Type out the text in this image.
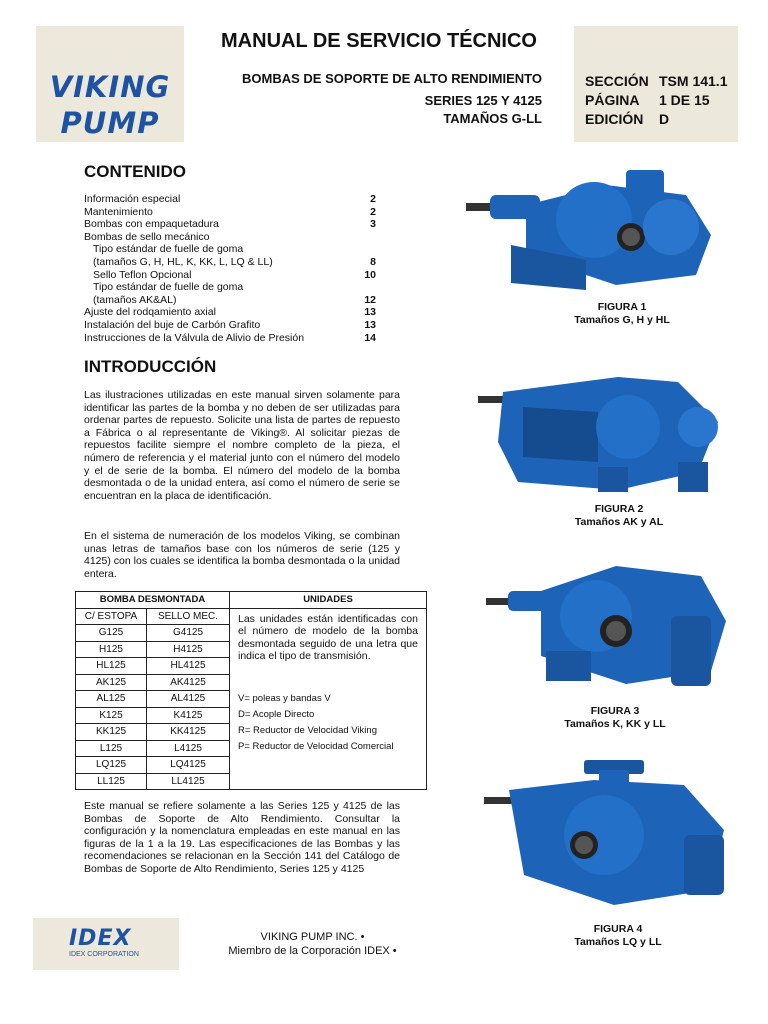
VIKING
PUMP
MANUAL DE SERVICIO TÉCNICO
BOMBAS DE SOPORTE DE ALTO RENDIMIENTO
SERIES 125 Y 4125
TAMAÑOS G-LL
SECCIÓN TSM 141.1
PÁGINA 1 DE 15
EDICIÓN D
CONTENIDO
Información especial	2
Mantenimiento	2
Bombas con empaquetadura	3
Bombas de sello mecánico
Tipo estándar de fuelle de goma
(tamaños G, H, HL, K, KK, L, LQ & LL)	8
Sello Teflon Opcional	10
Tipo estándar de fuelle de goma
(tamaños AK&AL)	12
Ajuste del rodqamiento axial	13
Instalación del buje de Carbón Grafito	13
Instrucciones de la Válvula de Alivio de Presión	14
INTRODUCCIÓN
Las ilustraciones utilizadas en este manual sirven solamente para identificar las partes de la bomba y no deben de ser utilizadas para ordenar partes de repuesto. Solicite una lista de partes de repuesto a Fábrica o al representante de Viking®. Al solicitar piezas de repuestos facilite siempre el nombre completo de la pieza, el número de referencia y el material junto con el número del modelo y el de serie de la bomba. El número del modelo de la bomba desmontada o de la unidad entera, así como el número de serie se encuentran en la placa de identificación.
En el sistema de numeración de los modelos Viking, se combinan unas letras de tamaños base con los números de serie (125 y 4125) con los cuales se identifica la bomba desmontada o la unidad entera.
BOMBA DESMONTADA		UNIDADES
C/ ESTOPA	SELLO MEC.	Las unidades están identificadas con el número de modelo de la bomba desmontada seguido de una letra que indica el tipo de transmisión.
V= poleas y bandas V
D= Acople Directo
R= Reductor de Velocidad Viking
P= Reductor de Velocidad Comercial

G125	G4125	
H125	H4125	
HL125	HL4125	
AK125	AK4125	
AL125	AL4125	
K125	K4125	
KK125	KK4125	
L125	L4125	
LQ125	LQ4125	
LL125	LL4125	
Este manual se refiere solamente a las Series 125 y 4125 de las Bombas de Soporte de Alto Rendimiento. Consultar la configuración y la nomenclatura empleadas en este manual en las figuras de la 1 a la 19. Las especificaciones de las Bombas y las recomendaciones se relacionan en la Sección 141 del Catálogo de Bombas de Soporte de Alto Rendimiento, Series 125 y 4125
FIGURA 1
Tamaños G, H y HL
FIGURA 2
Tamaños AK y AL
FIGURA 3
Tamaños K, KK y LL
FIGURA 4
Tamaños LQ y LL
IDEX
IDEX CORPORATION
VIKING PUMP INC. •
Miembro de la Corporación IDEX •
